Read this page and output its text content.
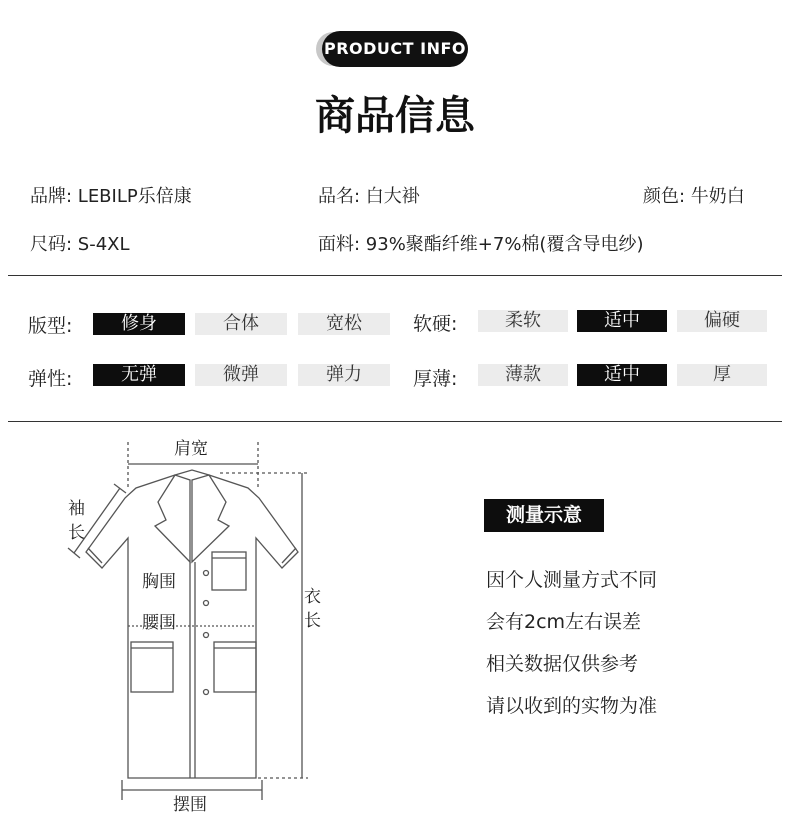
PRODUCT INFO
商品信息
品牌: LEBILP乐倍康	品名: 白大褂	颜色: 牛奶白
尺码: S-4XL	面料: 93%聚酯纤维+7%棉(覆含导电纱)
版型:	修身	合体	宽松	软硬:	柔软	适中	偏硬
弹性:	无弹	微弹	弹力	厚薄:	薄款	适中	厚
肩宽
袖
长
胸围
腰围
衣
长
摆围
测量示意
因个人测量方式不同
会有2cm左右误差
相关数据仅供参考
请以收到的实物为准
